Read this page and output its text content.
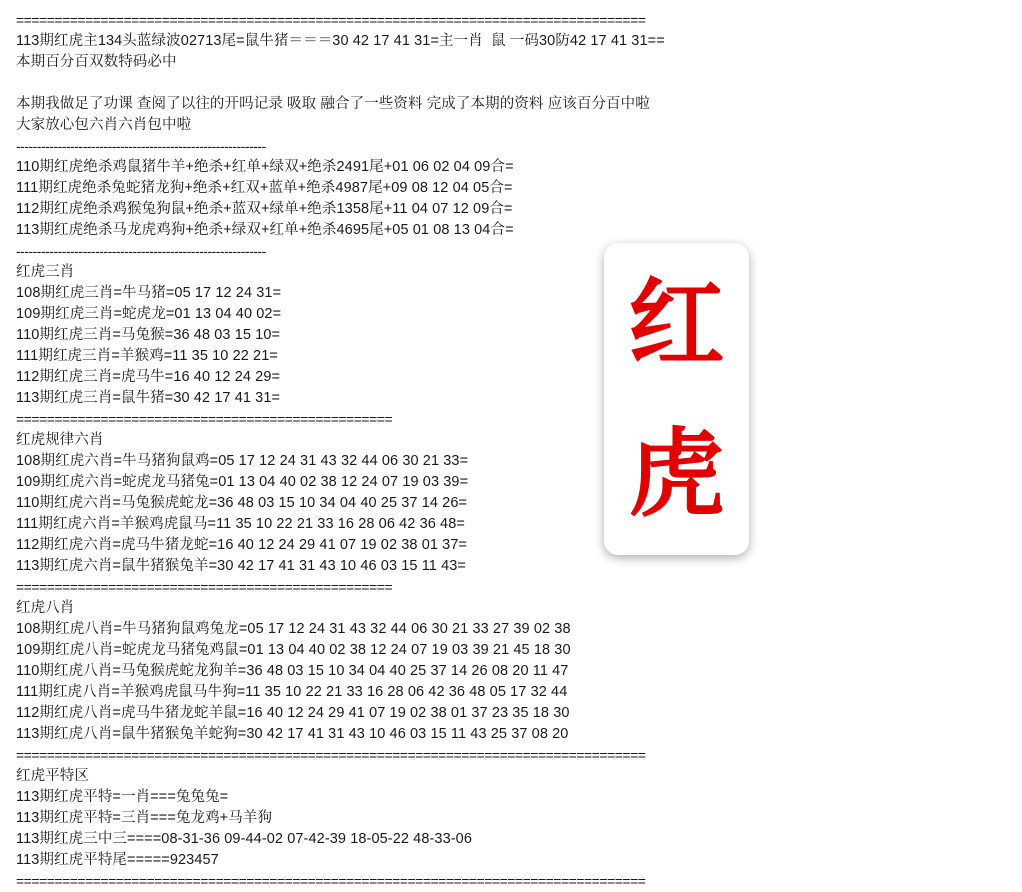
==================================================================================
113期红虎主134头蓝绿波02713尾=鼠牛猪＝＝＝30 42 17 41 31=主一肖  鼠 一码30防42 17 41 31==
本期百分百双数特码必中
本期我做足了功课 查阅了以往的开吗记录 吸取 融合了一些资料 完成了本期的资料 应该百分百中啦
大家放心包六肖六肖包中啦
------------------------------------------------------------
110期红虎绝杀鸡鼠猪牛羊+绝杀+红单+绿双+绝杀2491尾+01 06 02 04 09合=
111期红虎绝杀兔蛇猪龙狗+绝杀+红双+蓝单+绝杀4987尾+09 08 12 04 05合=
112期红虎绝杀鸡猴兔狗鼠+绝杀+蓝双+绿单+绝杀1358尾+11 04 07 12 09合=
113期红虎绝杀马龙虎鸡狗+绝杀+绿双+红单+绝杀4695尾+05 01 08 13 04合=
------------------------------------------------------------
红虎三肖
108期红虎三肖=牛马猪=05 17 12 24 31=
109期红虎三肖=蛇虎龙=01 13 04 40 02=
110期红虎三肖=马兔猴=36 48 03 15 10=
111期红虎三肖=羊猴鸡=11 35 10 22 21=
112期红虎三肖=虎马牛=16 40 12 24 29=
113期红虎三肖=鼠牛猪=30 42 17 41 31=
=================================================
红虎规律六肖
108期红虎六肖=牛马猪狗鼠鸡=05 17 12 24 31 43 32 44 06 30 21 33=
109期红虎六肖=蛇虎龙马猪兔=01 13 04 40 02 38 12 24 07 19 03 39=
110期红虎六肖=马兔猴虎蛇龙=36 48 03 15 10 34 04 40 25 37 14 26=
111期红虎六肖=羊猴鸡虎鼠马=11 35 10 22 21 33 16 28 06 42 36 48=
112期红虎六肖=虎马牛猪龙蛇=16 40 12 24 29 41 07 19 02 38 01 37=
113期红虎六肖=鼠牛猪猴兔羊=30 42 17 41 31 43 10 46 03 15 11 43=
=================================================
红虎八肖
108期红虎八肖=牛马猪狗鼠鸡兔龙=05 17 12 24 31 43 32 44 06 30 21 33 27 39 02 38
109期红虎八肖=蛇虎龙马猪兔鸡鼠=01 13 04 40 02 38 12 24 07 19 03 39 21 45 18 30
110期红虎八肖=马兔猴虎蛇龙狗羊=36 48 03 15 10 34 04 40 25 37 14 26 08 20 11 47
111期红虎八肖=羊猴鸡虎鼠马牛狗=11 35 10 22 21 33 16 28 06 42 36 48 05 17 32 44
112期红虎八肖=虎马牛猪龙蛇羊鼠=16 40 12 24 29 41 07 19 02 38 01 37 23 35 18 30
113期红虎八肖=鼠牛猪猴兔羊蛇狗=30 42 17 41 31 43 10 46 03 15 11 43 25 37 08 20
==================================================================================
红虎平特区
113期红虎平特=一肖===兔兔兔=
113期红虎平特=三肖===兔龙鸡+马羊狗
113期红虎三中三====08-31-36 09-44-02 07-42-39 18-05-22 48-33-06
113期红虎平特尾=====923457
==================================================================================
红
虎
